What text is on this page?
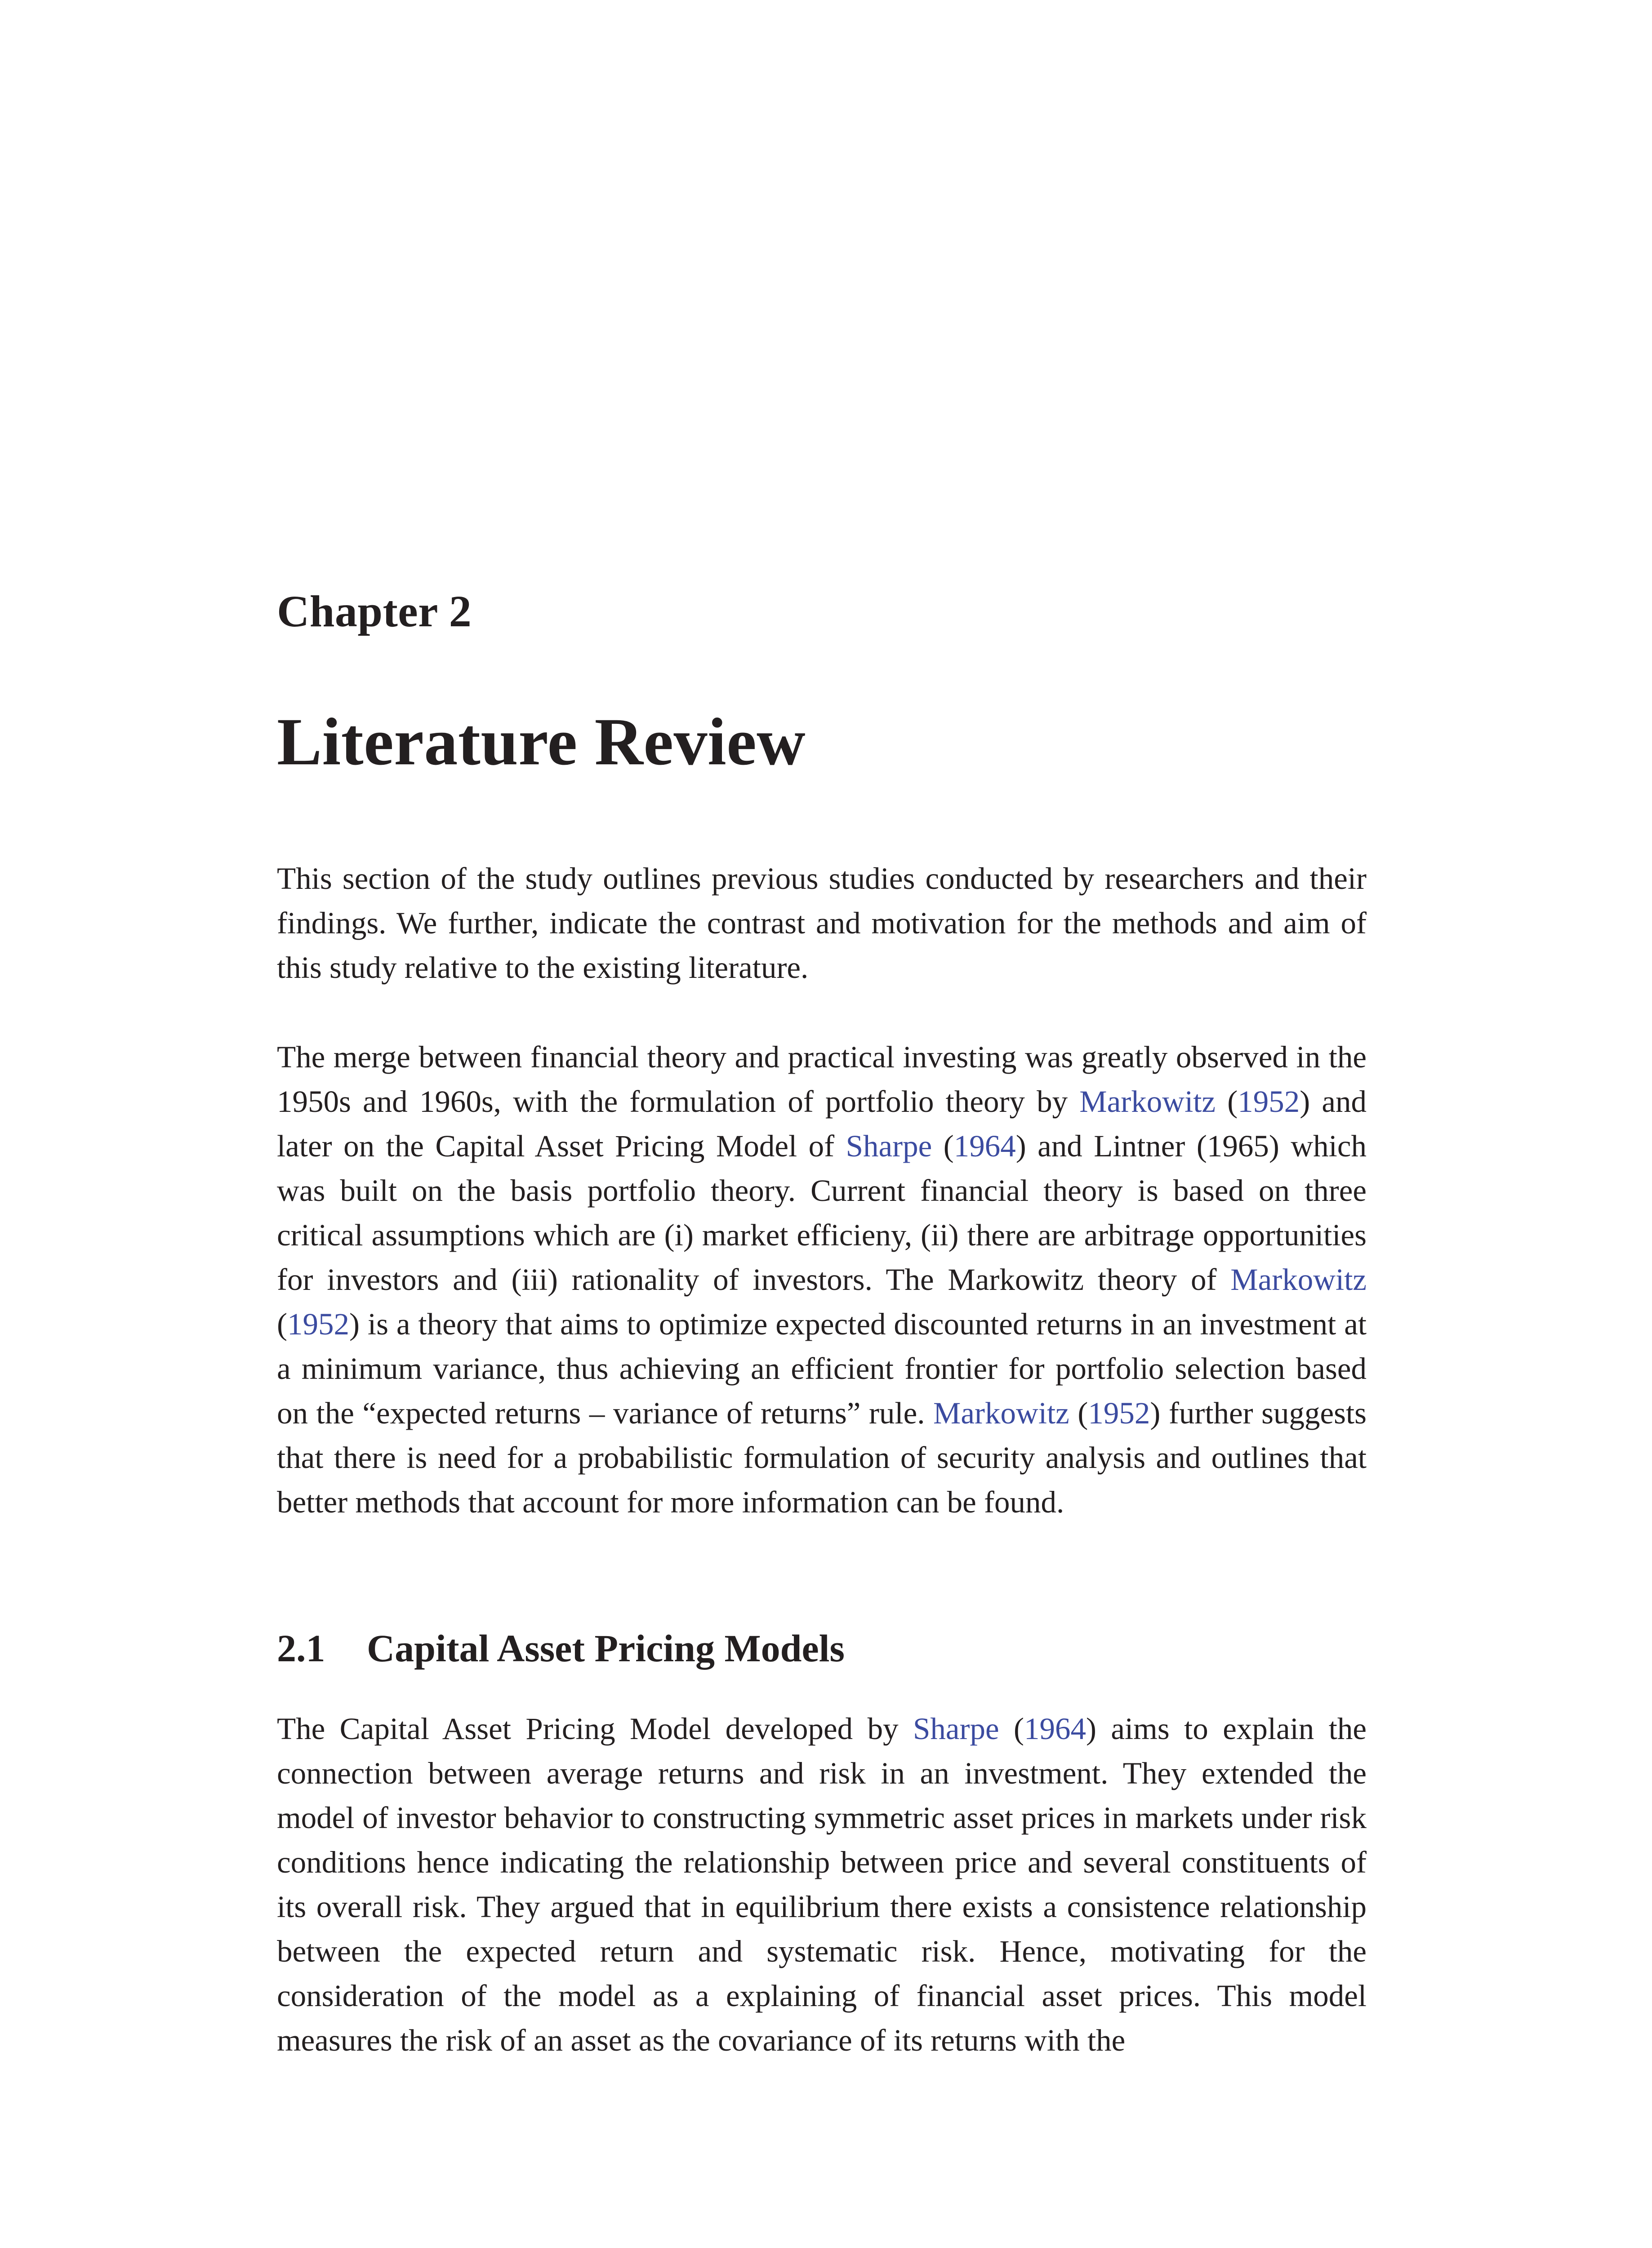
Chapter 2
Literature Review

This section of the study outlines previous studies conducted by researchers and their findings. We further, indicate the contrast and motivation for the methods and aim of this study relative to the existing literature.

The merge between financial theory and practical investing was greatly observed in the 1950s and 1960s, with the formulation of portfolio theory by Markowitz (1952) and later on the Capital Asset Pricing Model of Sharpe (1964) and Lintner (1965) which was built on the basis portfolio theory. Current financial theory is based on three critical assumptions which are (i) market efficieny, (ii) there are arbitrage opportunities for investors and (iii) rationality of investors. The Markowitz theory of Markowitz (1952) is a theory that aims to optimize expected discounted returns in an investment at a minimum variance, thus achieving an efficient frontier for portfolio selection based on the “expected returns – variance of returns” rule. Markowitz (1952) further suggests that there is need for a probabilistic formulation of security analysis and outlines that better methods that account for more information can be found.

2.1	Capital Asset Pricing Models

The Capital Asset Pricing Model developed by Sharpe (1964) aims to explain the connection between average returns and risk in an investment. They extended the model of investor behavior to constructing symmetric asset prices in markets under risk conditions hence indicating the relationship between price and several constituents of its overall risk. They argued that in equilibrium there exists a consistence relationship between the expected return and systematic risk. Hence, motivating for the consideration of the model as a explaining of financial asset prices. This model measures the risk of an asset as the covariance of its returns with the
